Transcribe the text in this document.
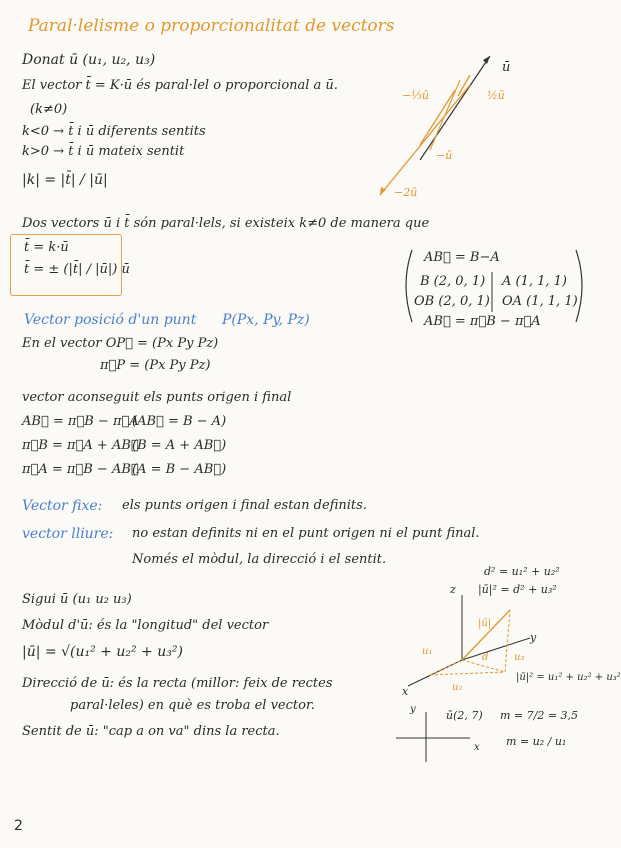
Paral·lelisme o proporcionalitat de vectors
Donat ū (u₁, u₂, u₃)
El vector t̄ = K·ū és paral·lel o proporcional a ū.
(k≠0)
k<0 → t̄ i ū diferents sentits
k>0 → t̄ i ū mateix sentit
|k| = |t̄| / |ū|
ū
½ū
−⅓ū
−ū
−2ū
Dos vectors ū i t̄ són paral·lels, si existeix k≠0 de manera que
t̄ = k·ū
t̄ = ± (|t̄| / |ū|) ū
AB⃗ = B−A
B (2, 0, 1) A (1, 1, 1)
OB (2, 0, 1) OA (1, 1, 1)
AB⃗ = π⃗B − π⃗A
Vector posició d'un punt P(Px, Py, Pz)
En el vector OP⃗ = (Px Py Pz)
π⃗P = (Px Py Pz)
vector aconseguit els punts origen i final
AB⃗ = π⃗B − π⃗A
(AB⃗ = B − A)
π⃗B = π⃗A + AB⃗
(B = A + AB⃗)
π⃗A = π⃗B − AB⃗
(A = B − AB⃗)
Vector fixe: els punts origen i final estan definits.
vector lliure: no estan definits ni en el punt origen ni el punt final.
Només el mòdul, la direcció i el sentit.
Sigui ū (u₁ u₂ u₃)
Mòdul d'ū: és la "longitud" del vector
|ū| = √(u₁² + u₂² + u₃²)
Direcció de ū: és la recta (millor: feix de rectes
paral·leles) en què es troba el vector.
Sentit de ū: "cap a on va" dins la recta.
d² = u₁² + u₂²
|ū|² = d² + u₃²
z
y
x
|ū|
u₁
u₂
u₃
d
|ū|² = u₁² + u₂² + u₃²
y
x
ū(2, 7) m = 7/2 = 3,5
m = u₂ / u₁
2
